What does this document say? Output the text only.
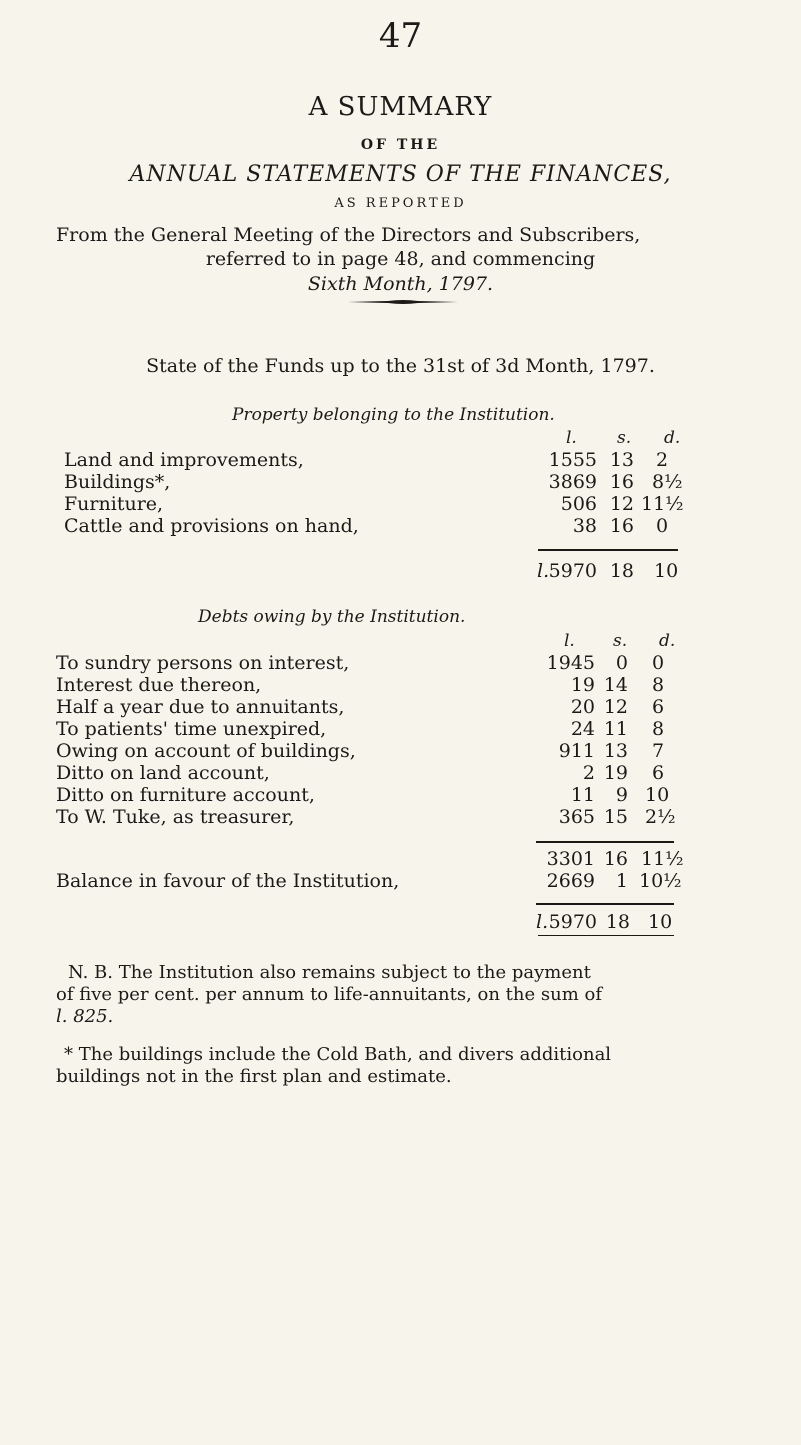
47
A SUMMARY
OF THE
ANNUAL STATEMENTS OF THE FINANCES,
AS REPORTED
From the General Meeting of the Directors and Subscribers,
referred to in page 48, and commencing
Sixth Month, 1797.
State of the Funds up to the 31st of 3d Month, 1797.
Property belonging to the Institution.
l. s. d.
Land and improvements,	1555 13 2
Buildings*,	3869 16 8½
Furniture,	506 12 11½
Cattle and provisions on hand,	38 16 0
l. 5970 18 10
Debts owing by the Institution.
l. s. d.
To sundry persons on interest,	1945	0 0
Interest due thereon,	19 14 8
Half a year due to annuitants,	20 12 6
To patients' time unexpired,	24 11 8
Owing on account of buildings,	911 13 7
Ditto on land account,	2 19 6
Ditto on furniture account,	11	9 10
To W. Tuke, as treasurer,	365 15 2½
3301 16 11½
Balance in favour of the Institution,	2669	1 10½
l. 5970 18 10
N. B. The Institution also remains subject to the payment
of five per cent. per annum to life-annuitants, on the sum of
l. 825.
* The buildings include the Cold Bath, and divers additional
buildings not in the first plan and estimate.
